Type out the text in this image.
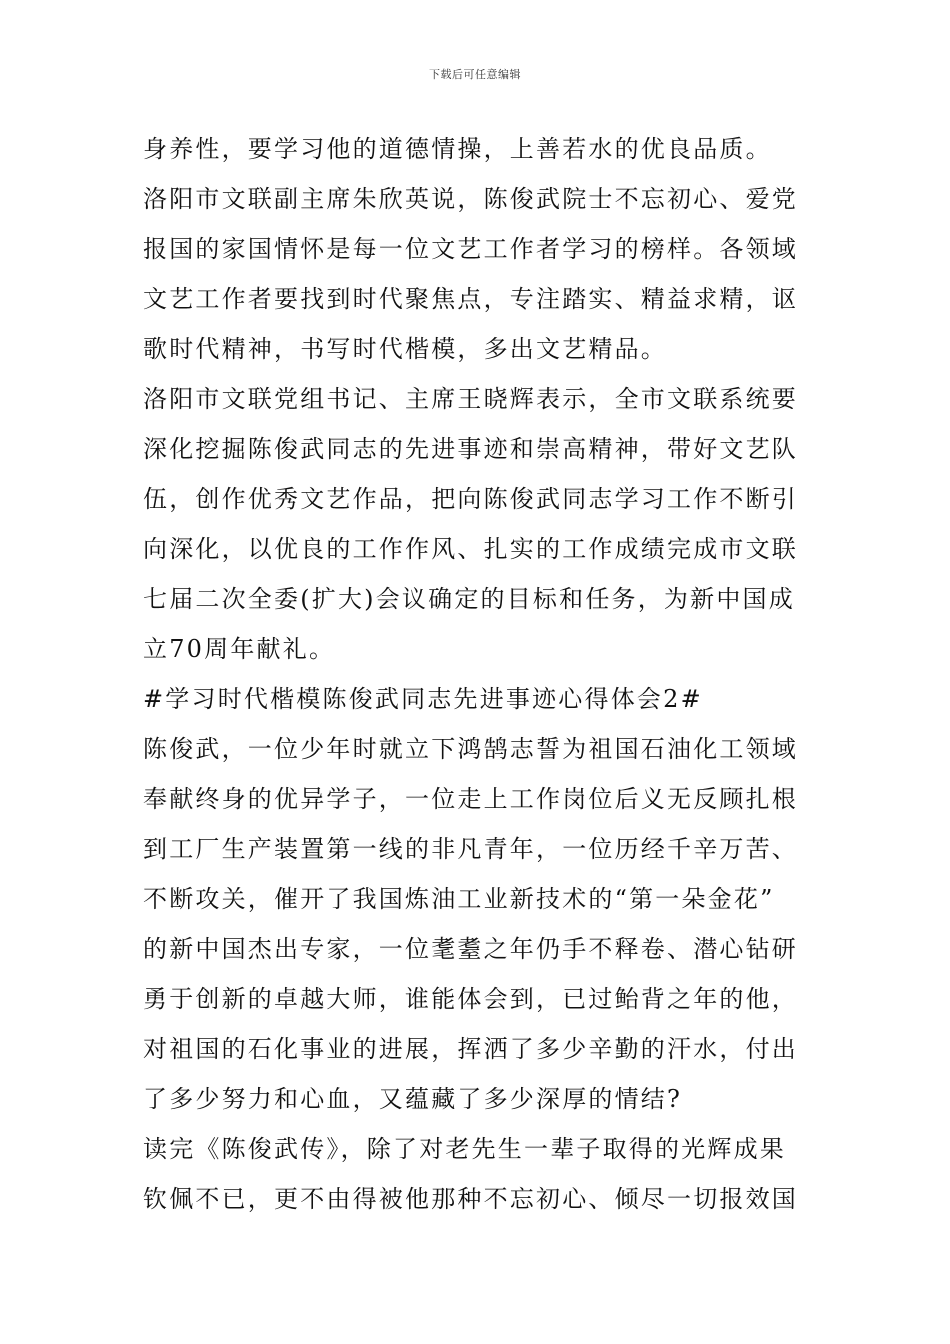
下载后可任意编辑
身养性，要学习他的道德情操，上善若水的优良品质。
洛阳市文联副主席朱欣英说，陈俊武院士不忘初心、爱党
报国的家国情怀是每一位文艺工作者学习的榜样。各领域
文艺工作者要找到时代聚焦点，专注踏实、精益求精，讴
歌时代精神，书写时代楷模，多出文艺精品。
洛阳市文联党组书记、主席王晓辉表示，全市文联系统要
深化挖掘陈俊武同志的先进事迹和崇高精神，带好文艺队
伍，创作优秀文艺作品，把向陈俊武同志学习工作不断引
向深化，以优良的工作作风、扎实的工作成绩完成市文联
七届二次全委(扩大)会议确定的目标和任务，为新中国成
立70周年献礼。
#学习时代楷模陈俊武同志先进事迹心得体会2#
陈俊武，一位少年时就立下鸿鹄志誓为祖国石油化工领域
奉献终身的优异学子，一位走上工作岗位后义无反顾扎根
到工厂生产装置第一线的非凡青年，一位历经千辛万苦、
不断攻关，催开了我国炼油工业新技术的“第一朵金花”
的新中国杰出专家，一位耄耋之年仍手不释卷、潜心钻研
勇于创新的卓越大师，谁能体会到，已过鲐背之年的他，
对祖国的石化事业的进展，挥洒了多少辛勤的汗水，付出
了多少努力和心血，又蕴藏了多少深厚的情结?
读完《陈俊武传》，除了对老先生一辈子取得的光辉成果
钦佩不已，更不由得被他那种不忘初心、倾尽一切报效国
